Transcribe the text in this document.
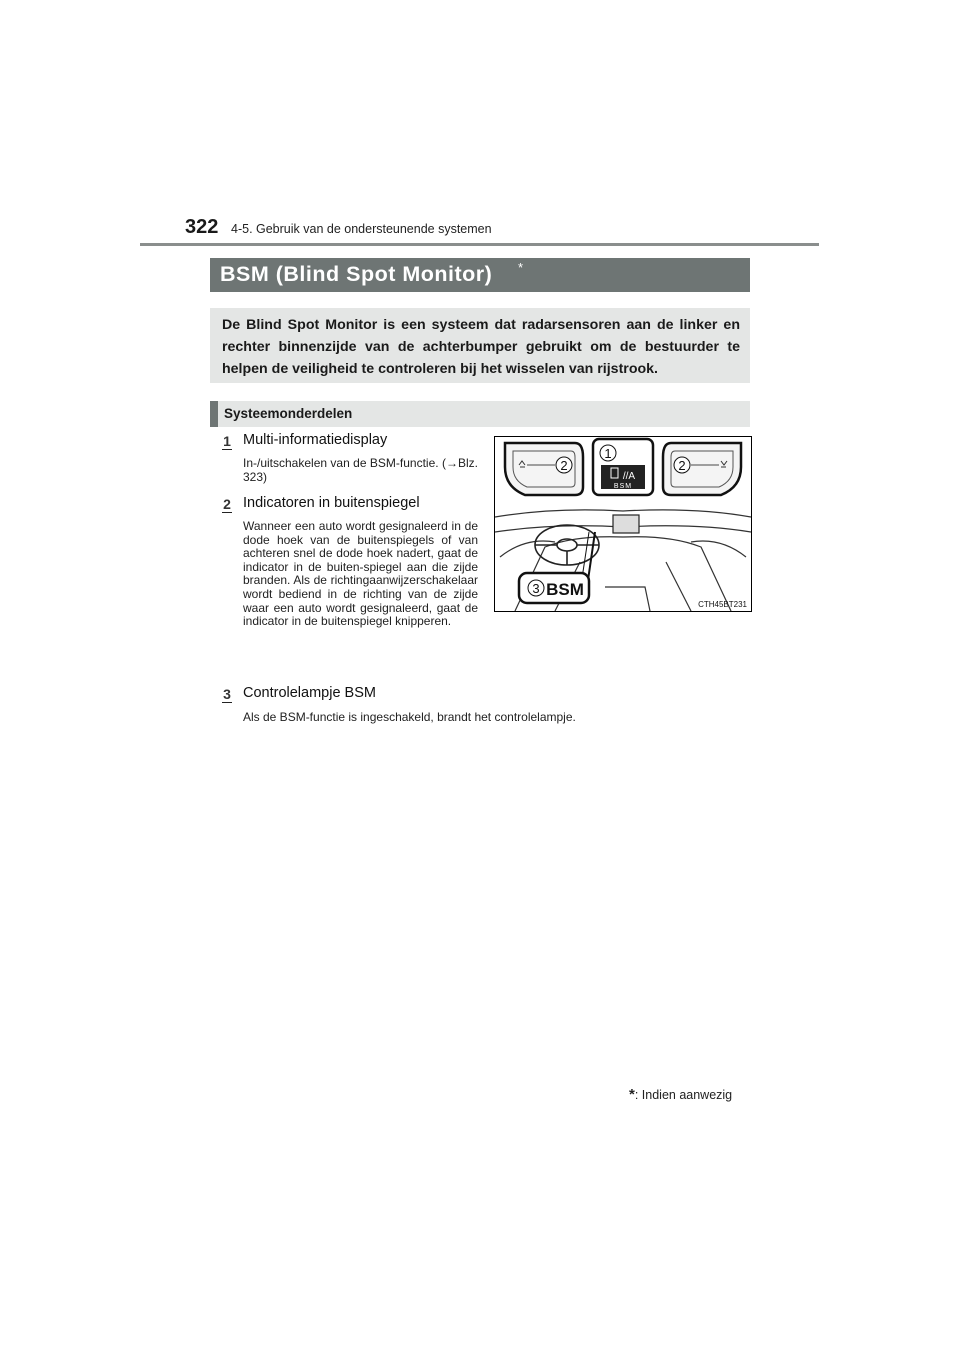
322 4-5. Gebruik van de ondersteunende systemen
BSM (Blind Spot Monitor) *

De Blind Spot Monitor is een systeem dat radarsensoren aan de linker en rechter binnenzijde van de achterbumper gebruikt om de bestuurder te helpen de veiligheid te controleren bij het wisselen van rijstrook.

Systeemonderdelen
1 Multi-informatiedisplay
In-/uitschakelen van de BSM-functie. (→Blz. 323)
2 Indicatoren in buitenspiegel
Wanneer een auto wordt gesignaleerd in de dode hoek van de buitenspiegels of van achteren snel de dode hoek nadert, gaat de indicator in de buiten-spiegel aan die zijde branden. Als de richtingaanwijzerschakelaar wordt bediend in de richting van de zijde waar een auto wordt gesignaleerd, gaat de indicator in de buitenspiegel knipperen.
3 Controlelampje BSM
Als de BSM-functie is ingeschakeld, brandt het controlelampje.
2	2
1
//A
BSM
3 BSM
CTH45BT231
*: Indien aanwezig
